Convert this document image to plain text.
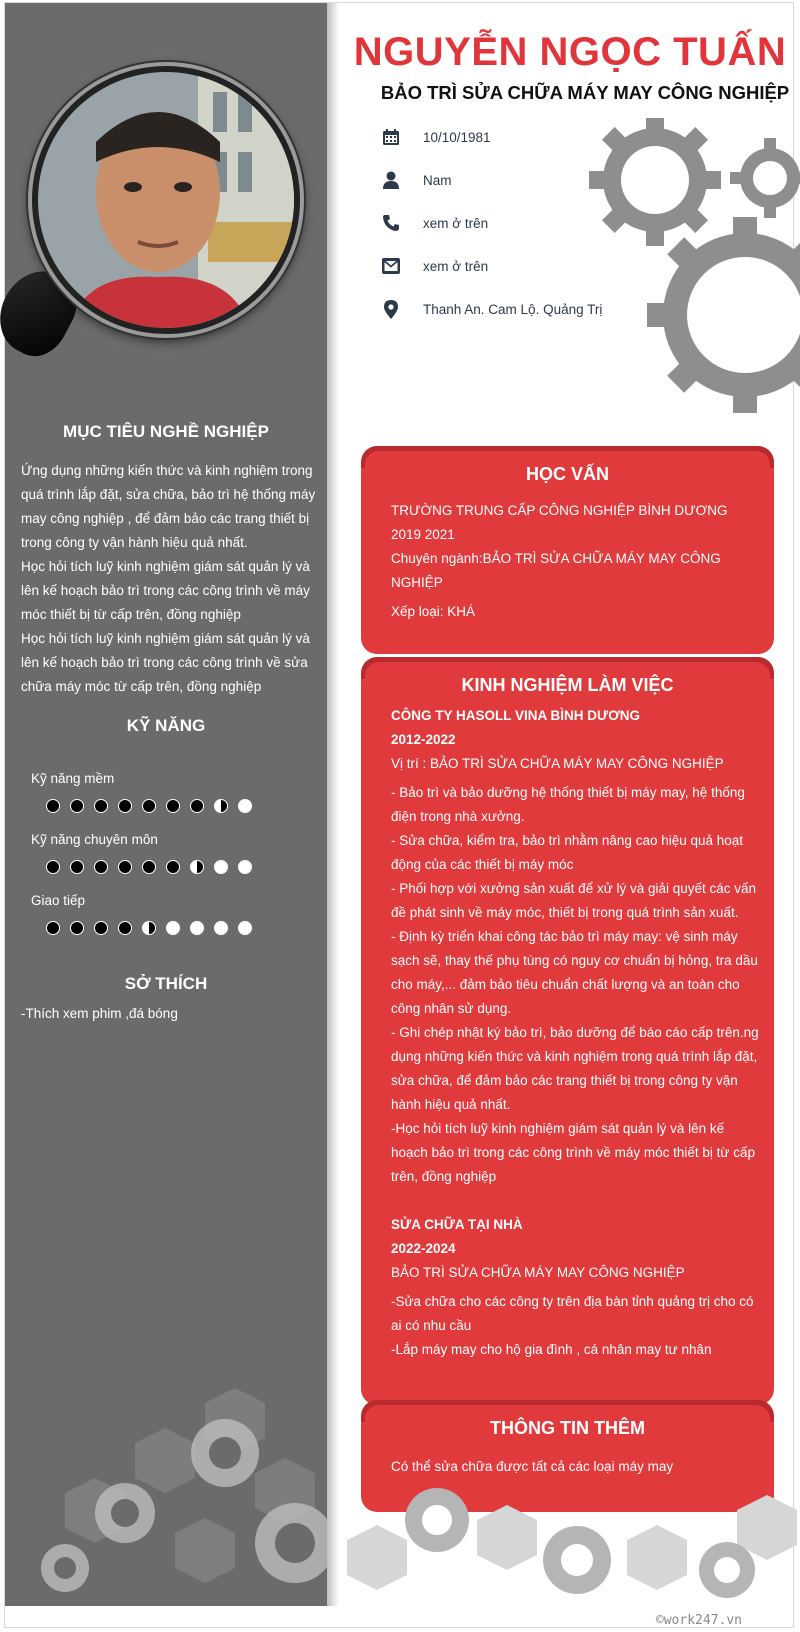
MỤC TIÊU NGHỀ NGHIỆP

Ứng dụng những kiến thức và kinh nghiệm trong quá trình lắp đặt, sửa chữa, bảo trì hệ thống máy may công nghiệp , để đảm bảo các trang thiết bị trong công ty vận hành hiệu quả nhất.

Học hỏi tích luỹ kinh nghiệm giám sát quản lý và lên kế hoạch bảo trì trong các công trình về máy móc thiết bị từ cấp trên, đồng nghiệp

Học hỏi tích luỹ kinh nghiệm giám sát quản lý và lên kế hoạch bảo trì trong các công trình về sửa chữa máy móc từ cấp trên, đồng nghiệp

KỸ NĂNG
Kỹ năng mềm
Kỹ năng chuyên môn
Giao tiếp
SỞ THÍCH
-Thích xem phim ,đá bóng
NGUYỄN NGỌC TUẤN
BẢO TRÌ SỬA CHỮA MÁY MAY CÔNG NGHIỆP
10/10/1981
Nam
xem ở trên
xem ở trên
Thanh An. Cam Lộ. Quảng Trị
HỌC VẤN

TRƯỜNG TRUNG CẤP CÔNG NGHIỆP BÌNH DƯƠNG

2019 2021

Chuyên ngành:BẢO TRÌ SỬA CHỮA MÁY MAY CÔNG NGHIỆP

Xếp loại: KHÁ

KINH NGHIỆM LÀM VIỆC

CÔNG TY HASOLL VINA BÌNH DƯƠNG

2012-2022

Vị trí : BẢO TRÌ SỬA CHỮA MÁY MAY CÔNG NGHIỆP

- Bảo trì và bảo dưỡng hệ thống thiết bị máy may, hệ thống điện trong nhà xưởng.

- Sửa chữa, kiểm tra, bảo trì nhằm nâng cao hiệu quả hoạt động của các thiết bị máy móc

- Phối hợp với xưởng sản xuất để xử lý và giải quyết các vấn đề phát sinh về máy móc, thiết bị trong quá trình sản xuất.

- Định kỳ triển khai công tác bảo trì máy may: vệ sinh máy sạch sẽ, thay thế phụ tùng có nguy cơ chuẩn bị hỏng, tra dầu cho máy,... đảm bảo tiêu chuẩn chất lượng và an toàn cho công nhân sử dụng.

- Ghi chép nhật ký bảo trì, bảo dưỡng để báo cáo cấp trên.ng dụng những kiến thức và kinh nghiệm trong quá trình lắp đặt, sửa chữa, để đảm bảo các trang thiết bị trong công ty vận hành hiệu quả nhất.

-Học hỏi tích luỹ kinh nghiệm giám sát quản lý và lên kế hoạch bảo trì trong các công trình về máy móc thiết bị từ cấp trên, đồng nghiệp

SỬA CHỮA TẠI NHÀ

2022-2024

BẢO TRÌ SỬA CHỮA MÁY MAY CÔNG NGHIỆP

-Sửa chữa cho các công ty trên địa bàn tỉnh quảng trị cho có ai có nhu cầu

-Lắp máy may cho hộ gia đình , cá nhân may tư nhân

THÔNG TIN THÊM

Có thể sửa chữa được tất cả các loại máy may

©work247.vn
